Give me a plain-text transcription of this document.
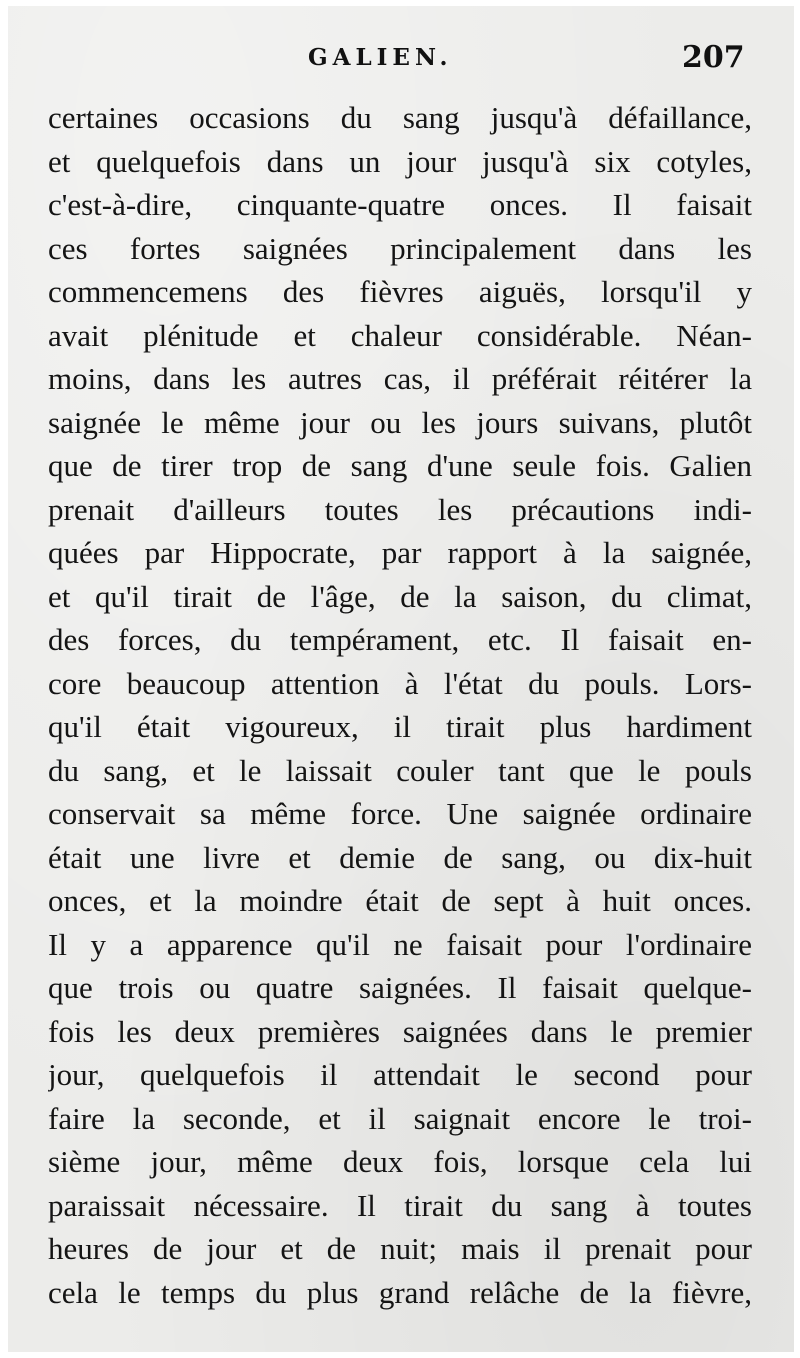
GALIEN.	207
certaines occasions du sang jusqu'à défaillance,
et quelquefois dans un jour jusqu'à six cotyles,
c'est-à-dire, cinquante-quatre onces. Il faisait
ces fortes saignées principalement dans les
commencemens des fièvres aiguës, lorsqu'il y
avait plénitude et chaleur considérable. Néan-
moins, dans les autres cas, il préférait réitérer la
saignée le même jour ou les jours suivans, plutôt
que de tirer trop de sang d'une seule fois. Galien
prenait d'ailleurs toutes les précautions indi-
quées par Hippocrate, par rapport à la saignée,
et qu'il tirait de l'âge, de la saison, du climat,
des forces, du tempérament, etc. Il faisait en-
core beaucoup attention à l'état du pouls. Lors-
qu'il était vigoureux, il tirait plus hardiment
du sang, et le laissait couler tant que le pouls
conservait sa même force. Une saignée ordinaire
était une livre et demie de sang, ou dix-huit
onces, et la moindre était de sept à huit onces.
Il y a apparence qu'il ne faisait pour l'ordinaire
que trois ou quatre saignées. Il faisait quelque-
fois les deux premières saignées dans le premier
jour, quelquefois il attendait le second pour
faire la seconde, et il saignait encore le troi-
sième jour, même deux fois, lorsque cela lui
paraissait nécessaire. Il tirait du sang à toutes
heures de jour et de nuit; mais il prenait pour
cela le temps du plus grand relâche de la fièvre,
